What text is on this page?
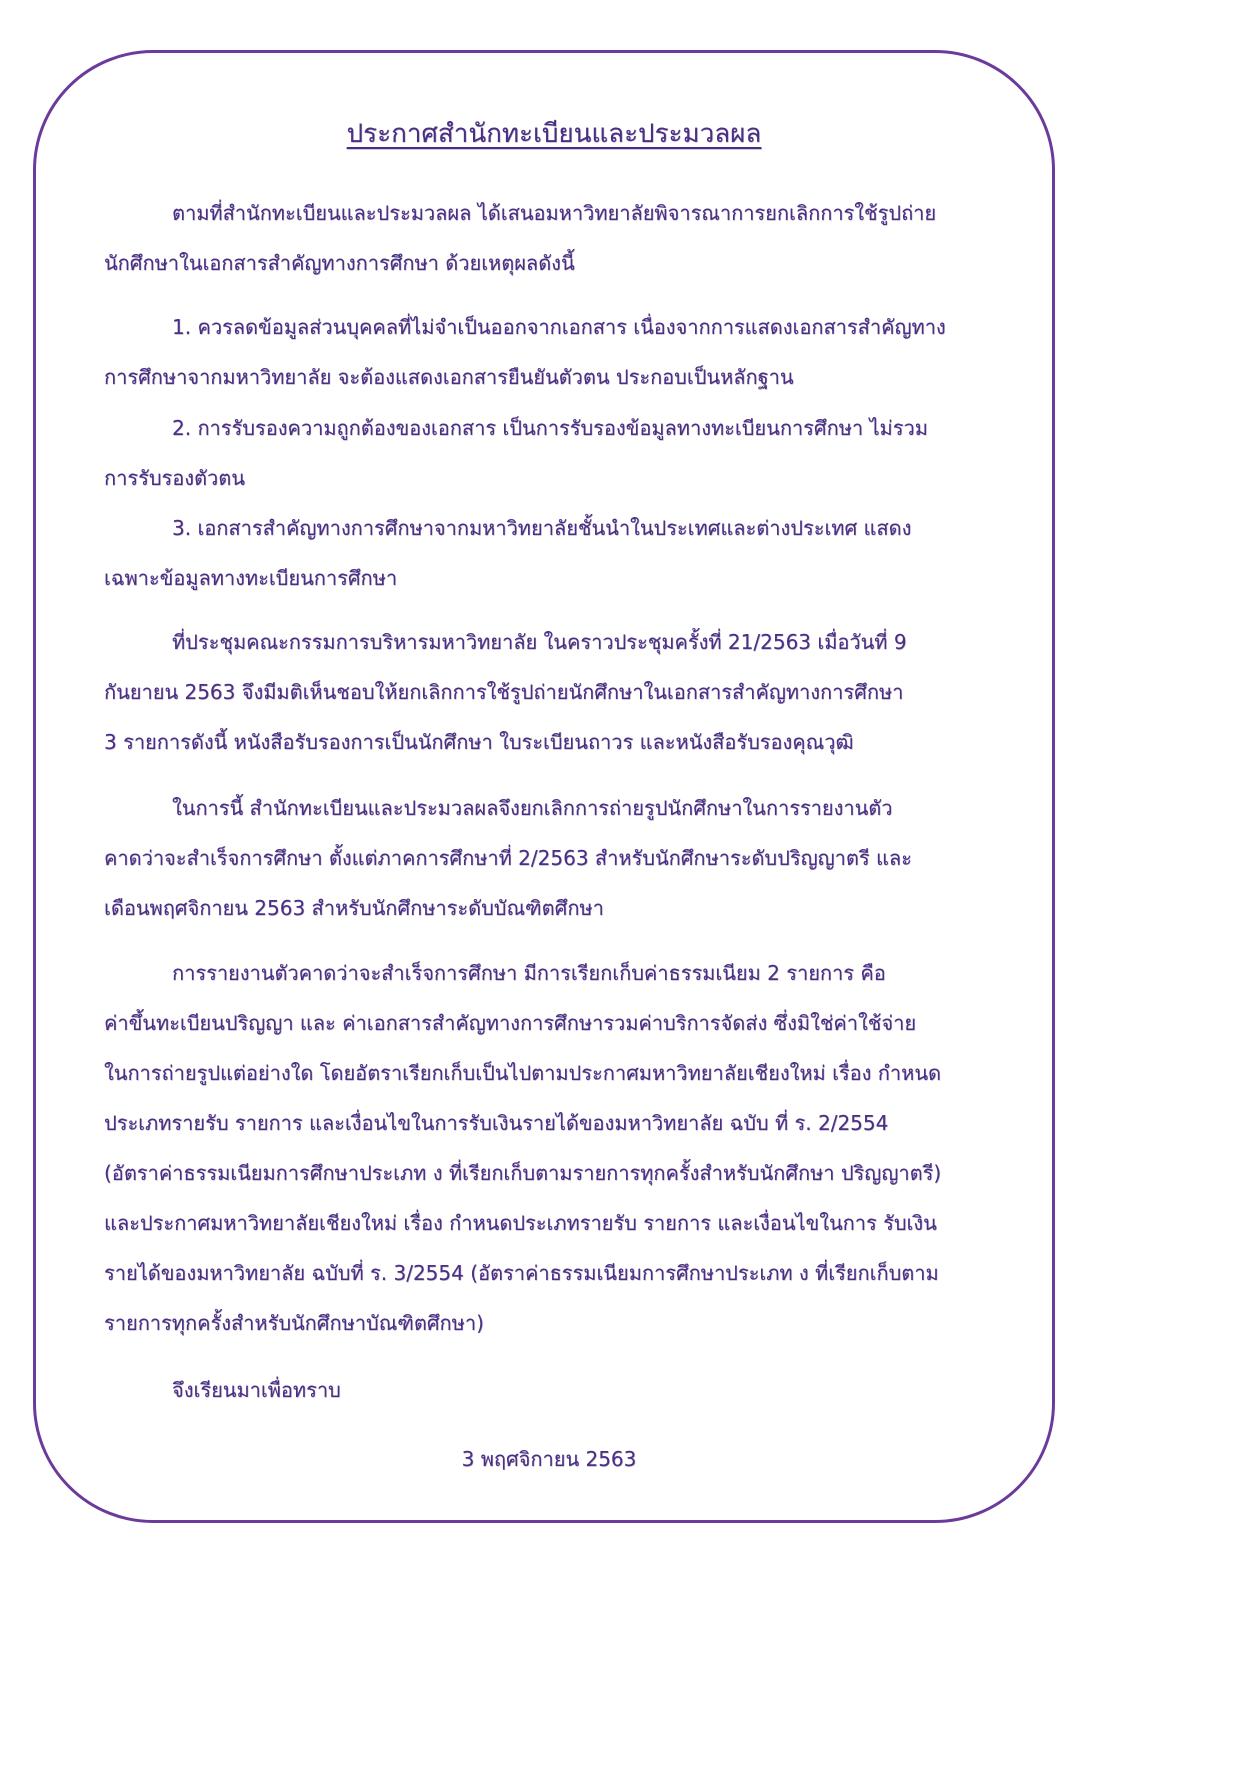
ประกาศสำนักทะเบียนและประมวลผล
ตามที่สำนักทะเบียนและประมวลผล ได้เสนอมหาวิทยาลัยพิจารณาการยกเลิกการใช้รูปถ่าย
นักศึกษาในเอกสารสำคัญทางการศึกษา ด้วยเหตุผลดังนี้
1. ควรลดข้อมูลส่วนบุคคลที่ไม่จำเป็นออกจากเอกสาร เนื่องจากการแสดงเอกสารสำคัญทาง
การศึกษาจากมหาวิทยาลัย จะต้องแสดงเอกสารยืนยันตัวตน ประกอบเป็นหลักฐาน
2. การรับรองความถูกต้องของเอกสาร เป็นการรับรองข้อมูลทางทะเบียนการศึกษา ไม่รวม
การรับรองตัวตน
3. เอกสารสำคัญทางการศึกษาจากมหาวิทยาลัยชั้นนำในประเทศและต่างประเทศ แสดง
เฉพาะข้อมูลทางทะเบียนการศึกษา
ที่ประชุมคณะกรรมการบริหารมหาวิทยาลัย ในคราวประชุมครั้งที่ 21/2563 เมื่อวันที่ 9
กันยายน 2563 จึงมีมติเห็นชอบให้ยกเลิกการใช้รูปถ่ายนักศึกษาในเอกสารสำคัญทางการศึกษา
3 รายการดังนี้ หนังสือรับรองการเป็นนักศึกษา ใบระเบียนถาวร และหนังสือรับรองคุณวุฒิ
ในการนี้ สำนักทะเบียนและประมวลผลจึงยกเลิกการถ่ายรูปนักศึกษาในการรายงานตัว
คาดว่าจะสำเร็จการศึกษา ตั้งแต่ภาคการศึกษาที่ 2/2563 สำหรับนักศึกษาระดับปริญญาตรี และ
เดือนพฤศจิกายน 2563 สำหรับนักศึกษาระดับบัณฑิตศึกษา
การรายงานตัวคาดว่าจะสำเร็จการศึกษา มีการเรียกเก็บค่าธรรมเนียม 2 รายการ คือ
ค่าขึ้นทะเบียนปริญญา และ ค่าเอกสารสำคัญทางการศึกษารวมค่าบริการจัดส่ง ซึ่งมิใช่ค่าใช้จ่าย
ในการถ่ายรูปแต่อย่างใด โดยอัตราเรียกเก็บเป็นไปตามประกาศมหาวิทยาลัยเชียงใหม่ เรื่อง กำหนด
ประเภทรายรับ รายการ และเงื่อนไขในการรับเงินรายได้ของมหาวิทยาลัย ฉบับ ที่ ร. 2/2554
(อัตราค่าธรรมเนียมการศึกษาประเภท ง ที่เรียกเก็บตามรายการทุกครั้งสำหรับนักศึกษา ปริญญาตรี)
และประกาศมหาวิทยาลัยเชียงใหม่ เรื่อง กำหนดประเภทรายรับ รายการ และเงื่อนไขในการ รับเงิน
รายได้ของมหาวิทยาลัย ฉบับที่ ร. 3/2554 (อัตราค่าธรรมเนียมการศึกษาประเภท ง ที่เรียกเก็บตาม
รายการทุกครั้งสำหรับนักศึกษาบัณฑิตศึกษา)
จึงเรียนมาเพื่อทราบ
3 พฤศจิกายน 2563
